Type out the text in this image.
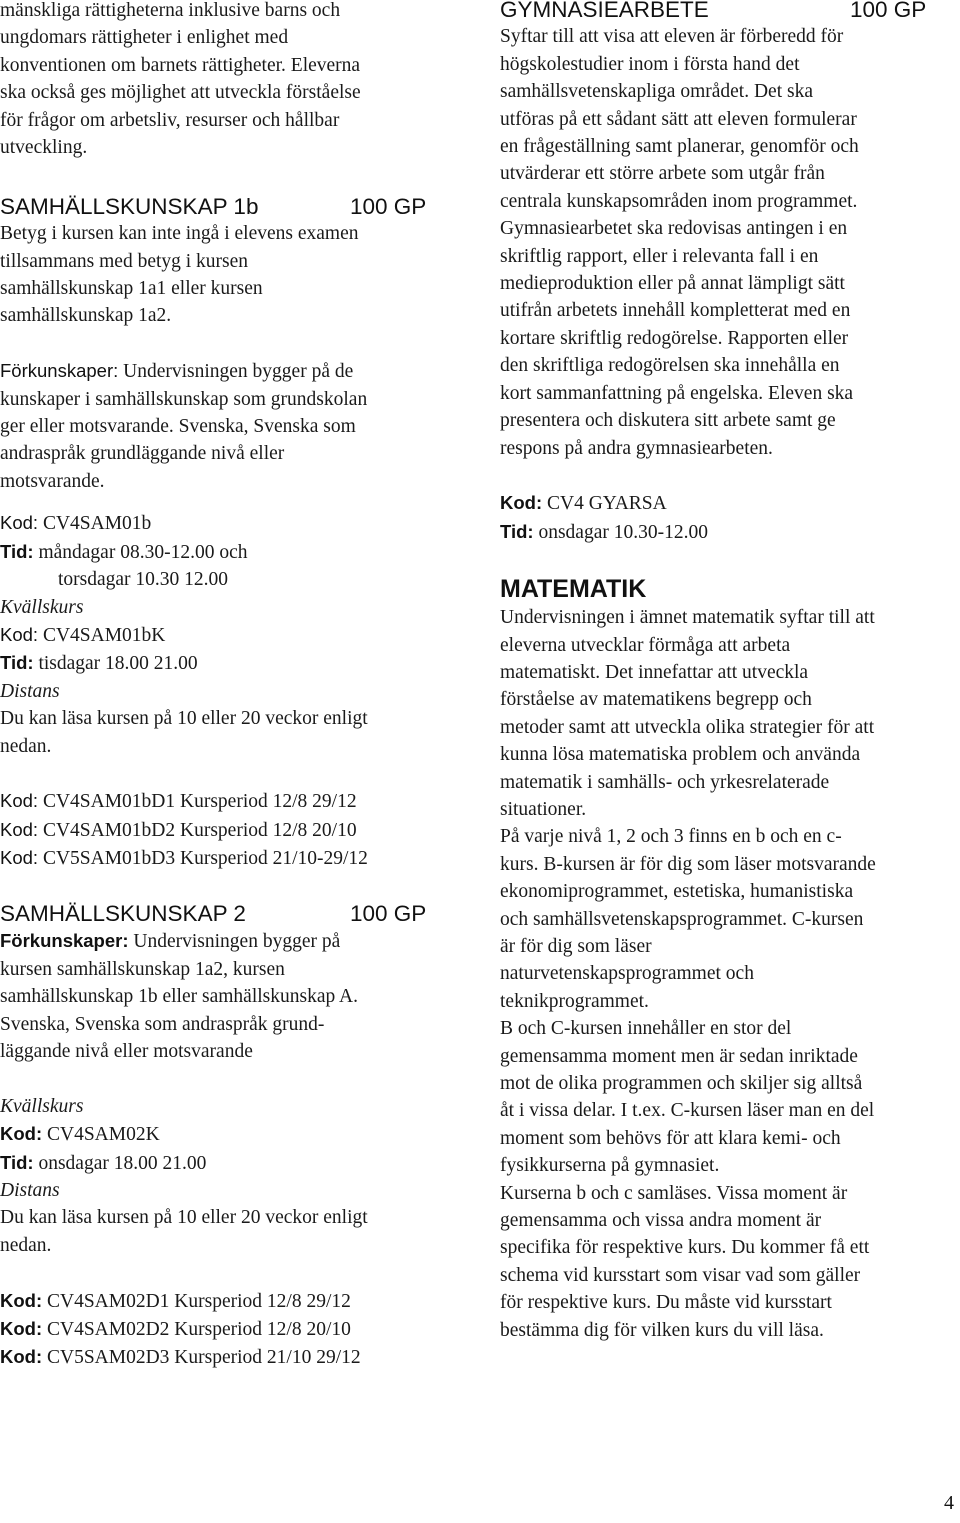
mänskliga rättigheterna inklusive barns och
ungdomars rättigheter i enlighet med
konventionen om barnets rättigheter. Eleverna
ska också ges möjlighet att utveckla förståelse
för frågor om arbetsliv, resurser och hållbar
utveckling.
SAMHÄLLSKUNSKAP 1b	100 GP
Betyg i kursen kan inte ingå i elevens examen
tillsammans med betyg i kursen
samhällskunskap 1a1 eller kursen
samhällskunskap 1a2.
Förkunskaper: Undervisningen bygger på de
kunskaper i samhällskunskap som grundskolan
ger eller motsvarande. Svenska, Svenska som
andraspråk grundläggande nivå eller
motsvarande.
Kod: CV4SAM01b
Tid: måndagar 08.30-12.00 och
torsdagar 10.30 12.00
Kvällskurs
Kod: CV4SAM01bK
Tid: tisdagar 18.00 21.00
Distans
Du kan läsa kursen på 10 eller 20 veckor enligt
nedan.
Kod: CV4SAM01bD1 Kursperiod 12/8 29/12
Kod: CV4SAM01bD2 Kursperiod 12/8 20/10
Kod: CV5SAM01bD3 Kursperiod 21/10-29/12
SAMHÄLLSKUNSKAP 2	100 GP
Förkunskaper: Undervisningen bygger på
kursen samhällskunskap 1a2, kursen
samhällskunskap 1b eller samhällskunskap A.
Svenska, Svenska som andraspråk grund-
läggande nivå eller motsvarande
Kvällskurs
Kod: CV4SAM02K
Tid: onsdagar 18.00 21.00
Distans
Du kan läsa kursen på 10 eller 20 veckor enligt
nedan.
Kod: CV4SAM02D1 Kursperiod 12/8 29/12
Kod: CV4SAM02D2 Kursperiod 12/8 20/10
Kod: CV5SAM02D3 Kursperiod 21/10 29/12
GYMNASIEARBETE	100 GP
Syftar till att visa att eleven är förberedd för
högskolestudier inom i första hand det
samhällsvetenskapliga området. Det ska
utföras på ett sådant sätt att eleven formulerar
en frågeställning samt planerar, genomför och
utvärderar ett större arbete som utgår från
centrala kunskapsområden inom programmet.
Gymnasiearbetet ska redovisas antingen i en
skriftlig rapport, eller i relevanta fall i en
medieproduktion eller på annat lämpligt sätt
utifrån arbetets innehåll kompletterat med en
kortare skriftlig redogörelse. Rapporten eller
den skriftliga redogörelsen ska innehålla en
kort sammanfattning på engelska. Eleven ska
presentera och diskutera sitt arbete samt ge
respons på andra gymnasiearbeten.
Kod: CV4 GYARSA
Tid: onsdagar 10.30-12.00
MATEMATIK
Undervisningen i ämnet matematik syftar till att
eleverna utvecklar förmåga att arbeta
matematiskt. Det innefattar att utveckla
förståelse av matematikens begrepp och
metoder samt att utveckla olika strategier för att
kunna lösa matematiska problem och använda
matematik i samhälls- och yrkesrelaterade
situationer.
På varje nivå 1, 2 och 3 finns en b och en c-
kurs. B-kursen är för dig som läser motsvarande
ekonomiprogrammet, estetiska, humanistiska
och samhällsvetenskapsprogrammet. C-kursen
är för dig som läser
naturvetenskapsprogrammet och
teknikprogrammet.
B och C-kursen innehåller en stor del
gemensamma moment men är sedan inriktade
mot de olika programmen och skiljer sig alltså
åt i vissa delar. I t.ex. C-kursen läser man en del
moment som behövs för att klara kemi- och
fysikkurserna på gymnasiet.
Kurserna b och c samläses. Vissa moment är
gemensamma och vissa andra moment är
specifika för respektive kurs. Du kommer få ett
schema vid kursstart som visar vad som gäller
för respektive kurs. Du måste vid kursstart
bestämma dig för vilken kurs du vill läsa.
4
